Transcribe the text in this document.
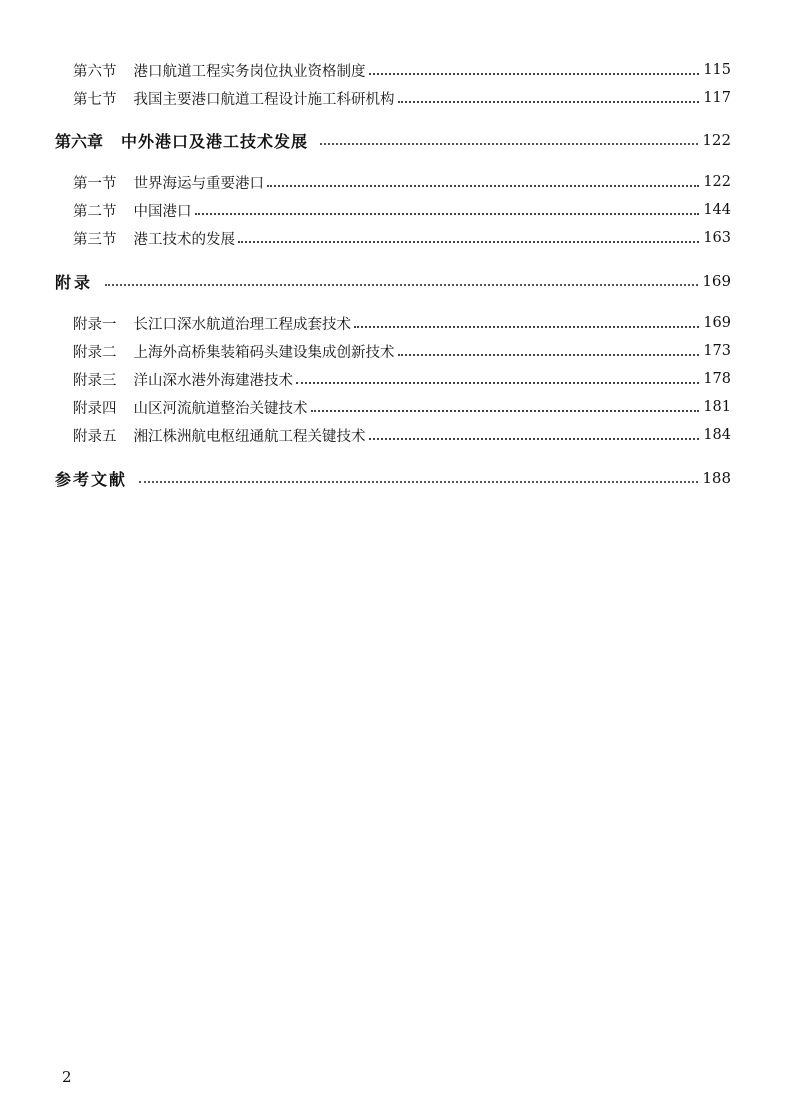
第六节 港口航道工程实务岗位执业资格制度	115
第七节 我国主要港口航道工程设计施工科研机构	117
第六章 中外港口及港工技术发展	122
第一节 世界海运与重要港口	122
第二节 中国港口	144
第三节 港工技术的发展	163
附录	169
附录一 长江口深水航道治理工程成套技术	169
附录二 上海外高桥集装箱码头建设集成创新技术	173
附录三 洋山深水港外海建港技术	178
附录四 山区河流航道整治关键技术	181
附录五 湘江株洲航电枢纽通航工程关键技术	184
参考文献	188
2
